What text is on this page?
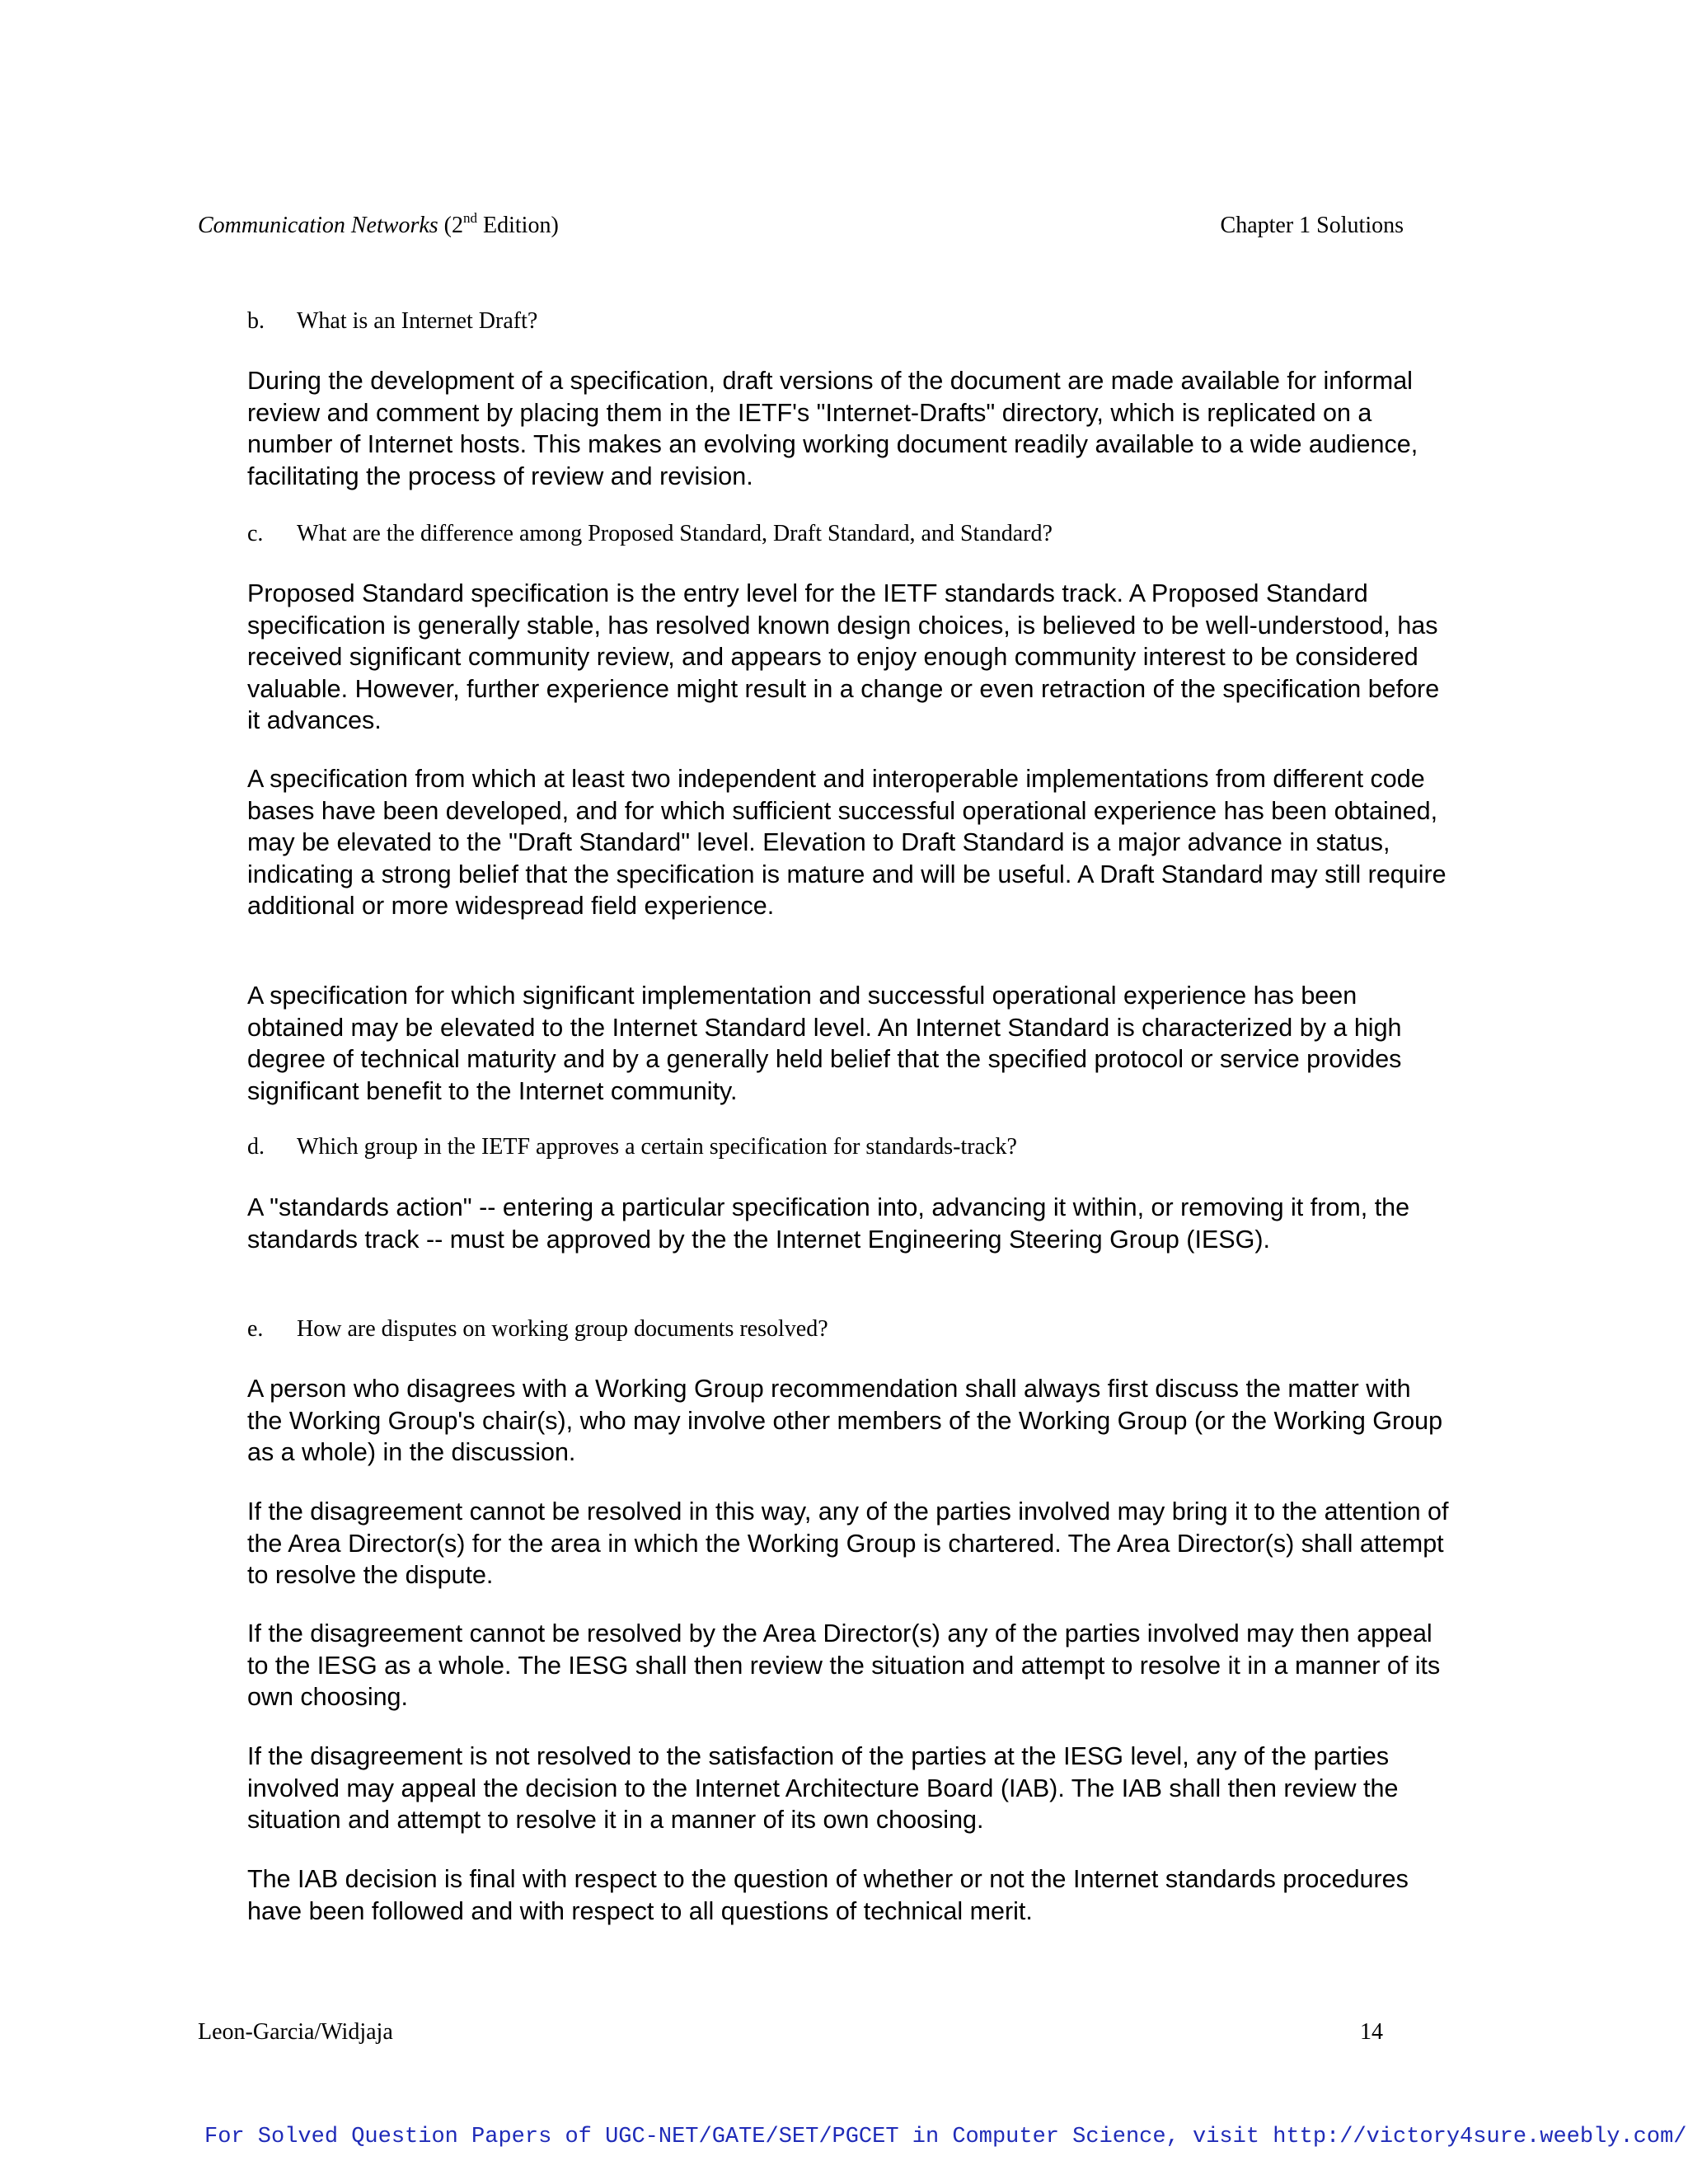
Communication Networks (2nd Edition)	Chapter 1 Solutions
b. What is an Internet Draft?

During the development of a specification, draft versions of the document are made available for informal review and comment by placing them in the IETF's "Internet-Drafts" directory, which is replicated on a number of Internet hosts. This makes an evolving working document readily available to a wide audience, facilitating the process of review and revision.

c. What are the difference among Proposed Standard, Draft Standard, and Standard?

Proposed Standard specification is the entry level for the IETF standards track. A Proposed Standard specification is generally stable, has resolved known design choices, is believed to be well-understood, has received significant community review, and appears to enjoy enough community interest to be considered valuable. However, further experience might result in a change or even retraction of the specification before it advances.

A specification from which at least two independent and interoperable implementations from different code bases have been developed, and for which sufficient successful operational experience has been obtained, may be elevated to the "Draft Standard" level. Elevation to Draft Standard is a major advance in status, indicating a strong belief that the specification is mature and will be useful. A Draft Standard may still require additional or more widespread field experience.

A specification for which significant implementation and successful operational experience has been obtained may be elevated to the Internet Standard level. An Internet Standard is characterized by a high degree of technical maturity and by a generally held belief that the specified protocol or service provides significant benefit to the Internet community.

d. Which group in the IETF approves a certain specification for standards-track?

A "standards action" -- entering a particular specification into, advancing it within, or removing it from, the standards track -- must be approved by the the Internet Engineering Steering Group (IESG).

e. How are disputes on working group documents resolved?

A person who disagrees with a Working Group recommendation shall always first discuss the matter with the Working Group's chair(s), who may involve other members of the Working Group (or the Working Group as a whole) in the discussion.

If the disagreement cannot be resolved in this way, any of the parties involved may bring it to the attention of the Area Director(s) for the area in which the Working Group is chartered. The Area Director(s) shall attempt to resolve the dispute.

If the disagreement cannot be resolved by the Area Director(s) any of the parties involved may then appeal to the IESG as a whole. The IESG shall then review the situation and attempt to resolve it in a manner of its own choosing.

If the disagreement is not resolved to the satisfaction of the parties at the IESG level, any of the parties involved may appeal the decision to the Internet Architecture Board (IAB). The IAB shall then review the situation and attempt to resolve it in a manner of its own choosing.

The IAB decision is final with respect to the question of whether or not the Internet standards procedures have been followed and with respect to all questions of technical merit.

Leon-Garcia/Widjaja	14
For Solved Question Papers of UGC-NET/GATE/SET/PGCET in Computer Science, visit http://victory4sure.weebly.com/
